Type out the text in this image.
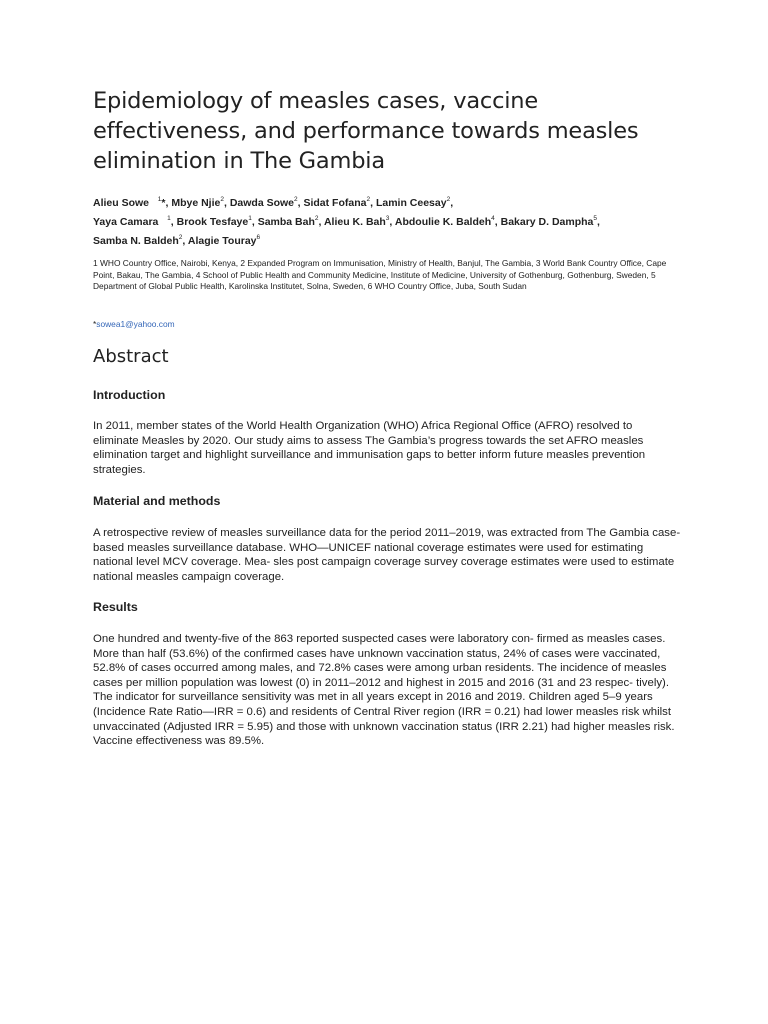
Epidemiology of measles cases, vaccine effectiveness, and performance towards measles elimination in The Gambia
Alieu Sowe $^1$*, Mbye Njie$^2$, Dawda Sowe$^2$, Sidat Fofana$^2$, Lamin Ceesay$^2$,
Yaya Camara $^1$, Brook Tesfaye$^1$, Samba Bah$^2$, Alieu K. Bah$^3$, Abdoulie K. Baldeh$^4$, Bakary D. Dampha$^5$,
Samba N. Baldeh$^2$, Alagie Touray$^6$
1 WHO Country Office, Nairobi, Kenya, 2 Expanded Program on Immunisation, Ministry of Health, Banjul, The Gambia, 3 World Bank Country Office, Cape Point, Bakau, The Gambia, 4 School of Public Health and Community Medicine, Institute of Medicine, University of Gothenburg, Gothenburg, Sweden, 5 Department of Global Public Health, Karolinska Institutet, Solna, Sweden, 6 WHO Country Office, Juba, South Sudan
*sowea1@yahoo.com
Abstract
Introduction

In 2011, member states of the World Health Organization (WHO) Africa Regional Office (AFRO) resolved to eliminate Measles by 2020. Our study aims to assess The Gambia’s progress towards the set AFRO measles elimination target and highlight surveillance and immunisation gaps to better inform future measles prevention strategies.

Material and methods

A retrospective review of measles surveillance data for the period 2011–2019, was extracted from The Gambia case-based measles surveillance database. WHO—UNICEF national coverage estimates were used for estimating national level MCV coverage. Mea- sles post campaign coverage survey coverage estimates were used to estimate national measles campaign coverage.

Results

One hundred and twenty-five of the 863 reported suspected cases were laboratory con- firmed as measles cases. More than half (53.6%) of the confirmed cases have unknown vaccination status, 24% of cases were vaccinated, 52.8% of cases occurred among males, and 72.8% cases were among urban residents. The incidence of measles cases per million population was lowest (0) in 2011–2012 and highest in 2015 and 2016 (31 and 23 respec- tively). The indicator for surveillance sensitivity was met in all years except in 2016 and 2019. Children aged 5–9 years (Incidence Rate Ratio—IRR = 0.6) and residents of Central River region (IRR = 0.21) had lower measles risk whilst unvaccinated (Adjusted IRR = 5.95) and those with unknown vaccination status (IRR 2.21) had higher measles risk. Vaccine effectiveness was 89.5%.
